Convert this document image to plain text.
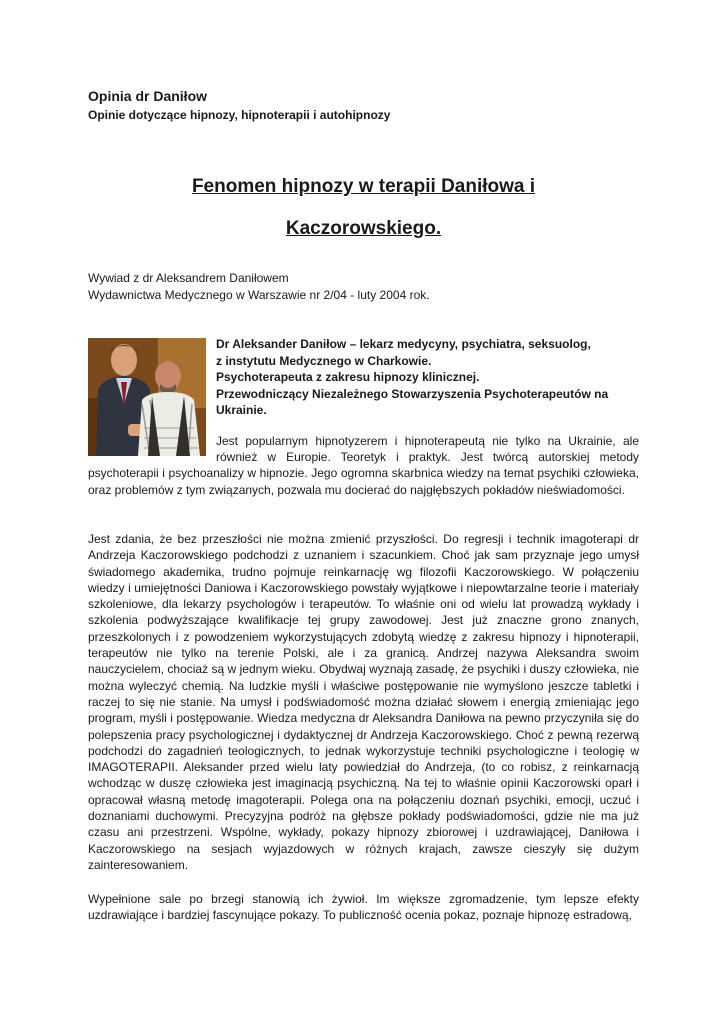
Opinia dr Daniłow
Opinie dotyczące hipnozy, hipnoterapii i autohipnozy
Fenomen hipnozy w terapii Daniłowa i
Kaczorowskiego.
Wywiad z dr Aleksandrem Daniłowem
Wydawnictwa Medycznego w Warszawie nr 2/04 - luty 2004 rok.
Dr Aleksander Daniłow – lekarz medycyny, psychiatra, seksuolog,
z instytutu Medycznego w Charkowie.
Psychoterapeuta z zakresu hipnozy klinicznej.
Przewodniczący Niezależnego Stowarzyszenia Psychoterapeutów na
Ukrainie.

Jest popularnym hipnotyzerem i hipnoterapeutą nie tylko na Ukrainie, ale również w Europie. Teoretyk i praktyk. Jest twórcą autorskiej metody psychoterapii i psychoanalizy w hipnozie. Jego ogromna skarbnica wiedzy na temat psychiki człowieka, oraz problemów z tym związanych, pozwala mu docierać do najgłębszych pokładów nieświadomości.

Jest zdania, że bez przeszłości nie można zmienić przyszłości. Do regresji i technik imagoterapi dr Andrzeja Kaczorowskiego podchodzi z uznaniem i szacunkiem. Choć jak sam przyznaje jego umysł świadomego akademika, trudno pojmuje reinkarnację wg filozofii Kaczorowskiego. W połączeniu wiedzy i umiejętności Daniowa i Kaczorowskiego powstały wyjątkowe i niepowtarzalne teorie i materiały szkoleniowe, dla lekarzy psychologów i terapeutów. To właśnie oni od wielu lat prowadzą wykłady i szkolenia podwyższające kwalifikacje tej grupy zawodowej. Jest już znaczne grono znanych, przeszkolonych i z powodzeniem wykorzystujących zdobytą wiedzę z zakresu hipnozy i hipnoterapii, terapeutów nie tylko na terenie Polski, ale i za granicą. Andrzej nazywa Aleksandra swoim nauczycielem, chociaż są w jednym wieku. Obydwaj wyznają zasadę, że psychiki i duszy człowieka, nie można wyleczyć chemią. Na ludzkie myśli i właściwe postępowanie nie wymyślono jeszcze tabletki i raczej to się nie stanie. Na umysł i podświadomość można działać słowem i energią zmieniając jego program, myśli i postępowanie. Wiedza medyczna dr Aleksandra Daniłowa na pewno przyczyniła się do polepszenia pracy psychologicznej i dydaktycznej dr Andrzeja Kaczorowskiego. Choć z pewną rezerwą podchodzi do zagadnień teologicznych, to jednak wykorzystuje techniki psychologiczne i teologię w IMAGOTERAPII. Aleksander przed wielu laty powiedział do Andrzeja, (to co robisz, z reinkarnacją wchodząc w duszę człowieka jest imaginacją psychiczną. Na tej to właśnie opinii Kaczorowski oparł i opracował własną metodę imagoterapii. Polega ona na połączeniu doznań psychiki, emocji, uczuć i doznaniami duchowymi. Precyzyjna podróż na głębsze pokłady podświadomości, gdzie nie ma już czasu ani przestrzeni. Wspólne, wykłady, pokazy hipnozy zbiorowej i uzdrawiającej, Daniłowa i Kaczorowskiego na sesjach wyjazdowych w różnych krajach, zawsze cieszyły się dużym zainteresowaniem.

Wypełnione sale po brzegi stanowią ich żywioł. Im większe zgromadzenie, tym lepsze efekty uzdrawiające i bardziej fascynujące pokazy. To publiczność ocenia pokaz, poznaje hipnozę estradową,
